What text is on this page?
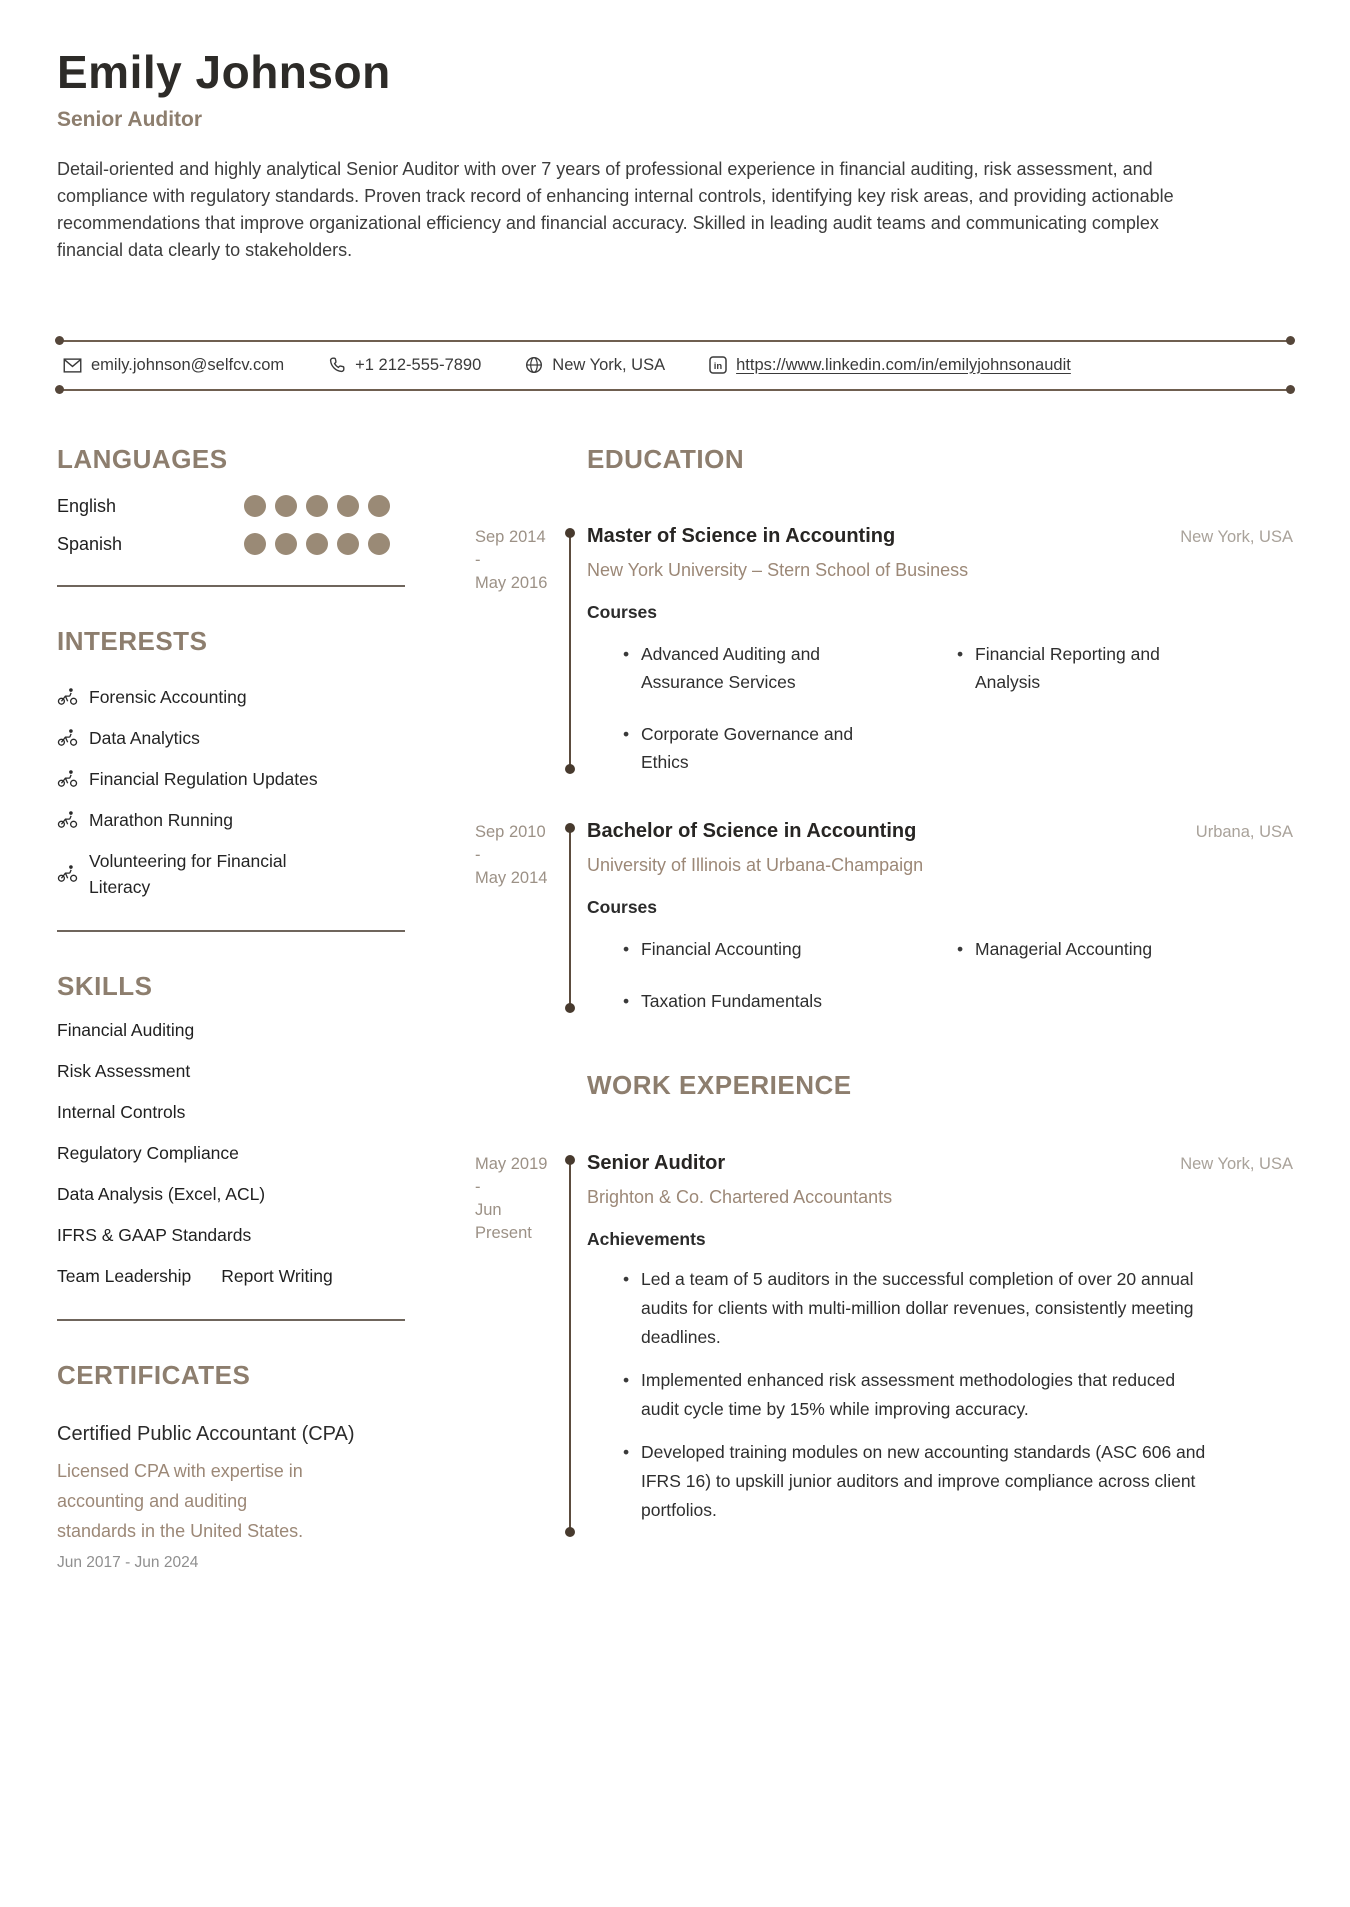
Emily Johnson
Senior Auditor

Detail-oriented and highly analytical Senior Auditor with over 7 years of professional experience in financial auditing, risk assessment, and compliance with regulatory standards. Proven track record of enhancing internal controls, identifying key risk areas, and providing actionable recommendations that improve organizational efficiency and financial accuracy. Skilled in leading audit teams and communicating complex financial data clearly to stakeholders.

emily.johnson@selfcv.com	+1 212-555-7890	New York, USA	in https://www.linkedin.com/in/emilyjohnsonaudit
LANGUAGES
English
Spanish
INTERESTS
Forensic Accounting
Data Analytics
Financial Regulation Updates
Marathon Running
Volunteering for Financial Literacy
SKILLS
Financial Auditing
Risk Assessment
Internal Controls
Regulatory Compliance
Data Analysis (Excel, ACL)
IFRS & GAAP Standards
Team Leadership Report Writing
CERTIFICATES
Certified Public Accountant (CPA)
Licensed CPA with expertise in accounting and auditing standards in the United States.
Jun 2017 - Jun 2024
EDUCATION
Sep 2014
-
May 2016
Master of Science in Accounting	New York, USA
New York University – Stern School of Business
Courses
• Advanced Auditing and Assurance Services
• Financial Reporting and Analysis
• Corporate Governance and Ethics
Sep 2010
-
May 2014
Bachelor of Science in Accounting	Urbana, USA
University of Illinois at Urbana-Champaign
Courses
• Financial Accounting	• Managerial Accounting
• Taxation Fundamentals
WORK EXPERIENCE
May 2019
-
Jun
Present
Senior Auditor	New York, USA
Brighton & Co. Chartered Accountants
Achievements
• Led a team of 5 auditors in the successful completion of over 20 annual audits for clients with multi-million dollar revenues, consistently meeting deadlines.
• Implemented enhanced risk assessment methodologies that reduced audit cycle time by 15% while improving accuracy.
• Developed training modules on new accounting standards (ASC 606 and IFRS 16) to upskill junior auditors and improve compliance across client portfolios.
